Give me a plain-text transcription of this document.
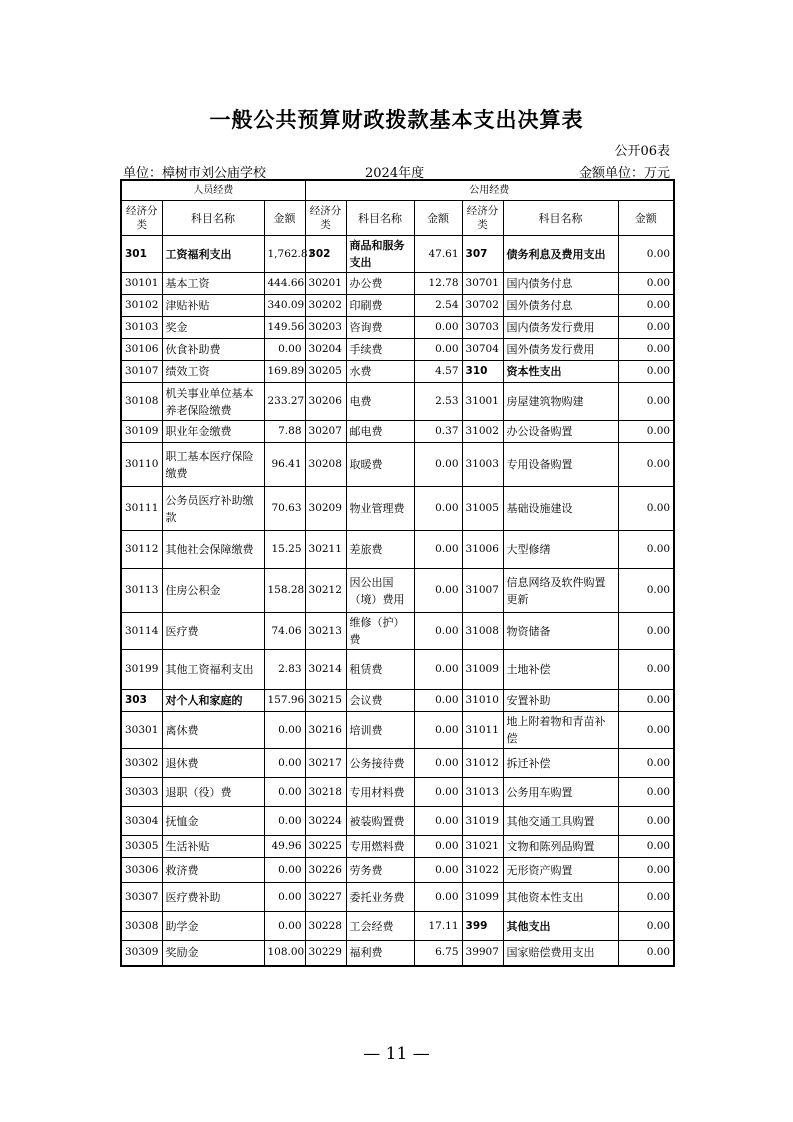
一般公共预算财政拨款基本支出决算表
公开06表
单位：樟树市刘公庙学校	2024年度	金额单位：万元
人员经费			公用经费					
经济分类	科目名称	金额	经济分类	科目名称	金额	经济分类	科目名称	金额
301	工资福利支出	1,762.81	302	商品和服务支出	47.61	307	债务利息及费用支出	0.00
30101	基本工资	444.66	30201	办公费	12.78	30701	国内债务付息	0.00
30102	津贴补贴	340.09	30202	印刷费	2.54	30702	国外债务付息	0.00
30103	奖金	149.56	30203	咨询费	0.00	30703	国内债务发行费用	0.00
30106	伙食补助费	0.00	30204	手续费	0.00	30704	国外债务发行费用	0.00
30107	绩效工资	169.89	30205	水费	4.57	310	资本性支出	0.00
30108	机关事业单位基本养老保险缴费	233.27	30206	电费	2.53	31001	房屋建筑物购建	0.00
30109	职业年金缴费	7.88	30207	邮电费	0.37	31002	办公设备购置	0.00
30110	职工基本医疗保险缴费	96.41	30208	取暖费	0.00	31003	专用设备购置	0.00
30111	公务员医疗补助缴款	70.63	30209	物业管理费	0.00	31005	基础设施建设	0.00
30112	其他社会保障缴费	15.25	30211	差旅费	0.00	31006	大型修缮	0.00
30113	住房公积金	158.28	30212	因公出国（境）费用	0.00	31007	信息网络及软件购置更新	0.00
30114	医疗费	74.06	30213	维修（护）费	0.00	31008	物资储备	0.00
30199	其他工资福利支出	2.83	30214	租赁费	0.00	31009	土地补偿	0.00
303	对个人和家庭的	157.96	30215	会议费	0.00	31010	安置补助	0.00
30301	离休费	0.00	30216	培训费	0.00	31011	地上附着物和青苗补偿	0.00
30302	退休费	0.00	30217	公务接待费	0.00	31012	拆迁补偿	0.00
30303	退职（役）费	0.00	30218	专用材料费	0.00	31013	公务用车购置	0.00
30304	抚恤金	0.00	30224	被装购置费	0.00	31019	其他交通工具购置	0.00
30305	生活补贴	49.96	30225	专用燃料费	0.00	31021	文物和陈列品购置	0.00
30306	救济费	0.00	30226	劳务费	0.00	31022	无形资产购置	0.00
30307	医疗费补助	0.00	30227	委托业务费	0.00	31099	其他资本性支出	0.00
30308	助学金	0.00	30228	工会经费	17.11	399	其他支出	0.00
30309	奖励金	108.00	30229	福利费	6.75	39907	国家赔偿费用支出	0.00
— 11 —
